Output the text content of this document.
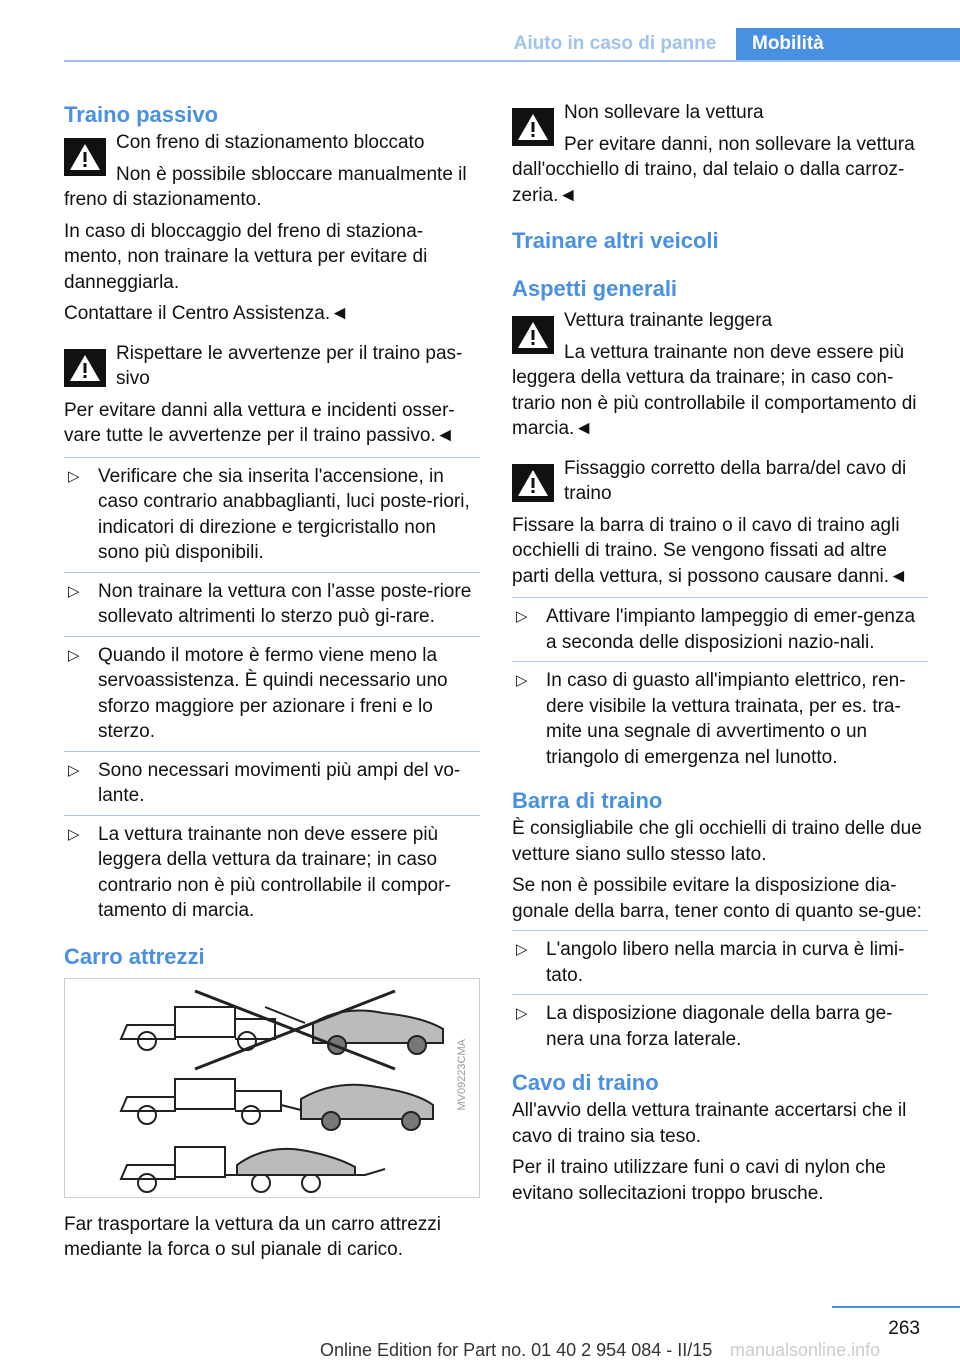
Aiuto in caso di panne	Mobilità
Traino passivo
Con freno di stazionamento bloccato

Non è possibile sbloccare manualmente il freno di stazionamento.

In caso di bloccaggio del freno di staziona-mento, non trainare la vettura per evitare di danneggiarla.

Contattare il Centro Assistenza.◄

Rispettare le avvertenze per il traino pas-sivo

Per evitare danni alla vettura e incidenti osser-vare tutte le avvertenze per il traino passivo.◄

▷ Verificare che sia inserita l'accensione, in caso contrario anabbaglianti, luci poste-riori, indicatori di direzione e tergicristallo non sono più disponibili.
▷ Non trainare la vettura con l'asse poste-riore sollevato altrimenti lo sterzo può gi-rare.
▷ Quando il motore è fermo viene meno la servoassistenza. È quindi necessario uno sforzo maggiore per azionare i freni e lo sterzo.
▷ Sono necessari movimenti più ampi del vo-lante.
▷ La vettura trainante non deve essere più leggera della vettura da trainare; in caso contrario non è più controllabile il compor-tamento di marcia.
Carro attrezzi
MV09223CMA

Far trasportare la vettura da un carro attrezzi mediante la forca o sul pianale di carico.

Non sollevare la vettura

Per evitare danni, non sollevare la vettura dall'occhiello di traino, dal telaio o dalla carroz-zeria.◄

Trainare altri veicoli
Aspetti generali
Vettura trainante leggera

La vettura trainante non deve essere più leggera della vettura da trainare; in caso con-trario non è più controllabile il comportamento di marcia.◄

Fissaggio corretto della barra/del cavo di traino

Fissare la barra di traino o il cavo di traino agli occhielli di traino. Se vengono fissati ad altre parti della vettura, si possono causare danni.◄

▷ Attivare l'impianto lampeggio di emer-genza a seconda delle disposizioni nazio-nali.
▷ In caso di guasto all'impianto elettrico, ren-dere visibile la vettura trainata, per es. tra-mite una segnale di avvertimento o un triangolo di emergenza nel lunotto.
Barra di traino

È consigliabile che gli occhielli di traino delle due vetture siano sullo stesso lato.

Se non è possibile evitare la disposizione dia-gonale della barra, tener conto di quanto se-gue:

▷ L'angolo libero nella marcia in curva è limi-tato.
▷ La disposizione diagonale della barra ge-nera una forza laterale.
Cavo di traino

All'avvio della vettura trainante accertarsi che il cavo di traino sia teso.

Per il traino utilizzare funi o cavi di nylon che evitano sollecitazioni troppo brusche.

263
Online Edition for Part no. 01 40 2 954 084 - II/15 manualsonline.info
